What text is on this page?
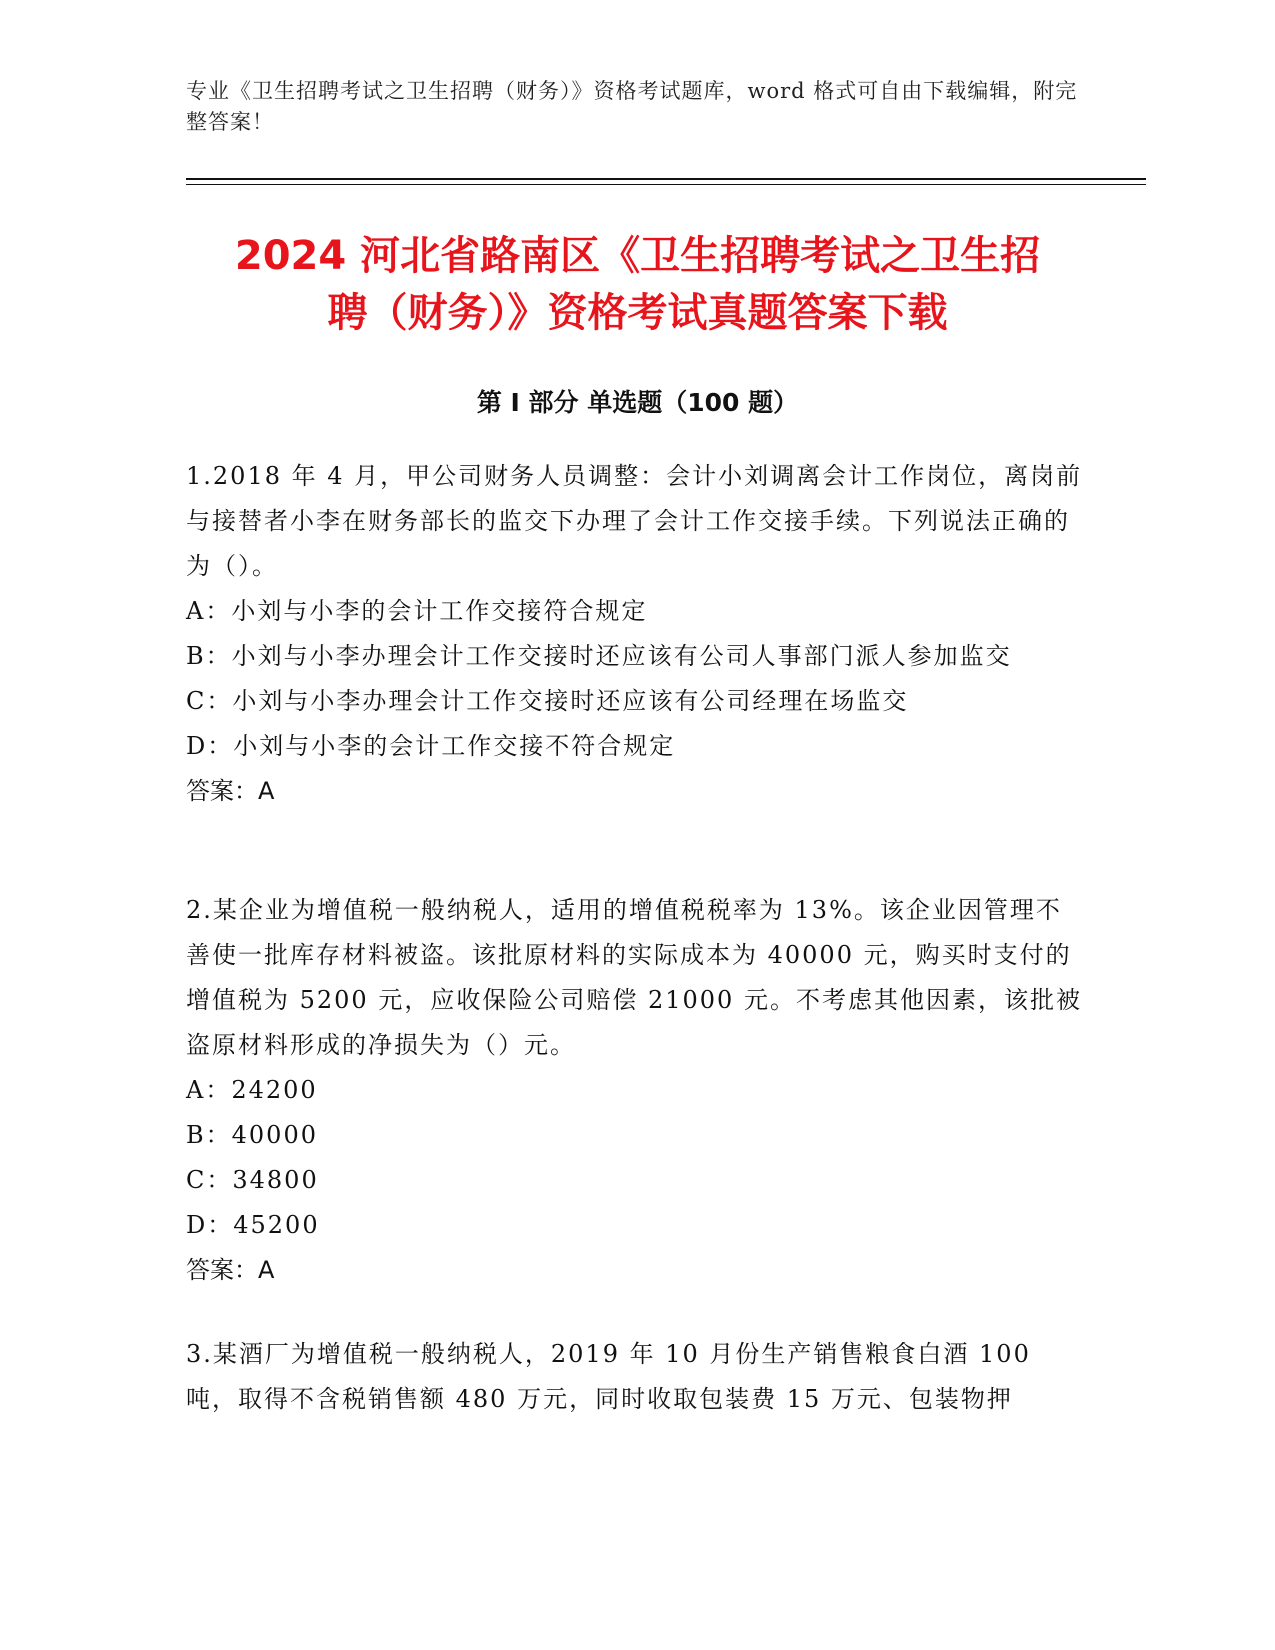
专业《卫生招聘考试之卫生招聘（财务）》资格考试题库，word 格式可自由下载编辑，附完整答案！
2024 河北省路南区《卫生招聘考试之卫生招
聘（财务）》资格考试真题答案下载
第 I 部分 单选题（100 题）

1.2018 年 4 月，甲公司财务人员调整：会计小刘调离会计工作岗位，离岗前与接替者小李在财务部长的监交下办理了会计工作交接手续。下列说法正确的为（）。

A：小刘与小李的会计工作交接符合规定

B：小刘与小李办理会计工作交接时还应该有公司人事部门派人参加监交

C：小刘与小李办理会计工作交接时还应该有公司经理在场监交

D：小刘与小李的会计工作交接不符合规定

答案：A

2.某企业为增值税一般纳税人，适用的增值税税率为 13%。该企业因管理不善使一批库存材料被盗。该批原材料的实际成本为 40000 元，购买时支付的增值税为 5200 元，应收保险公司赔偿 21000 元。不考虑其他因素，该批被盗原材料形成的净损失为（）元。

A：24200

B：40000

C：34800

D：45200

答案：A

3.某酒厂为增值税一般纳税人，2019 年 10 月份生产销售粮食白酒 100 吨，取得不含税销售额 480 万元，同时收取包装费 15 万元、包装物押
